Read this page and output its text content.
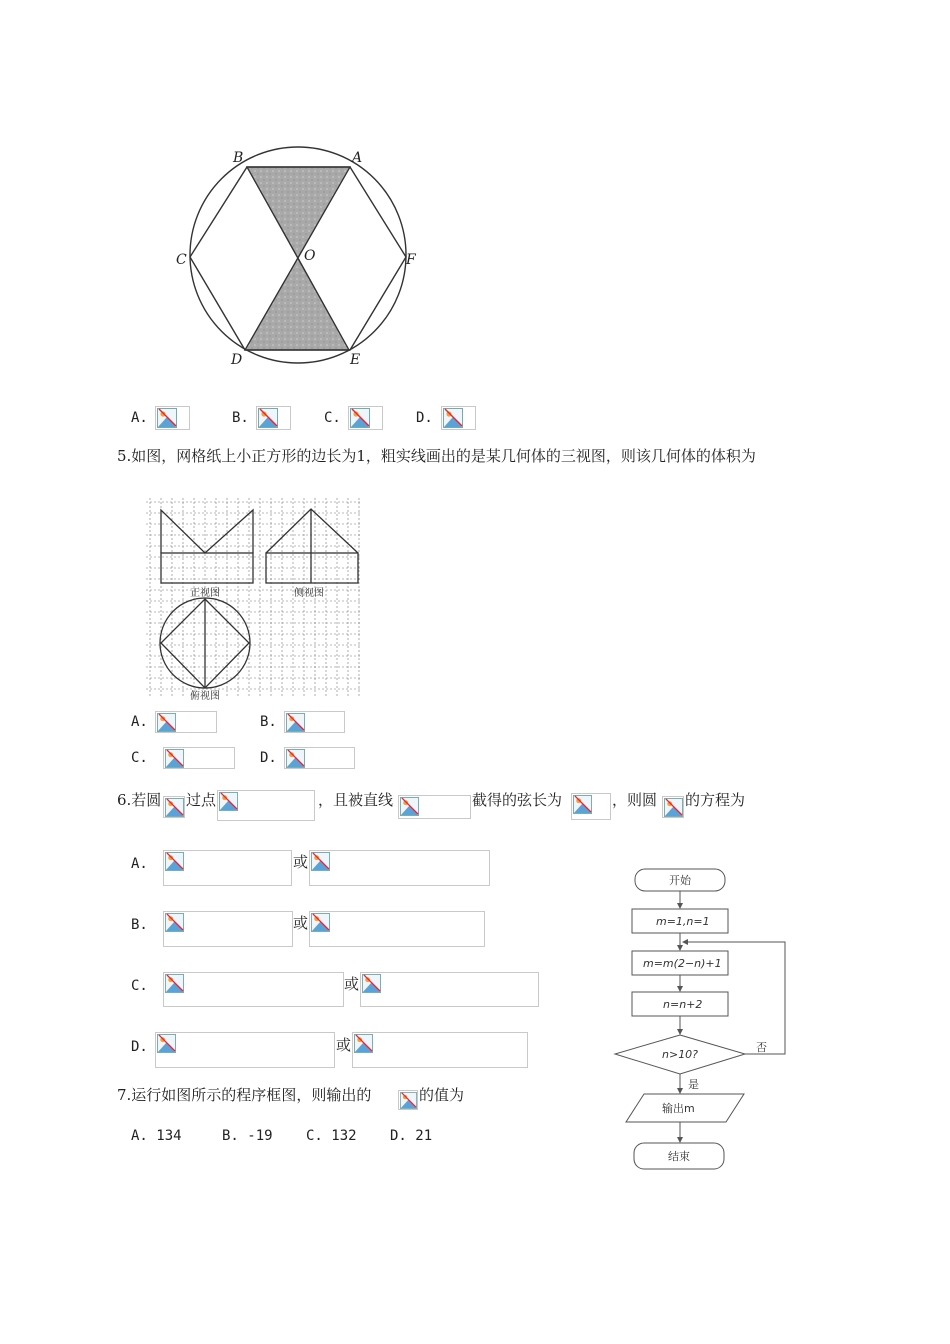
B	A
C	F
O
D	E
A.	B.	C.	D.
5.如图，网格纸上小正方形的边长为1，粗实线画出的是某几何体的三视图，则该几何体的体积为
正视图	侧视图
俯视图
A.	B.
C.	D.
6.若圆 过点	，且被直线	截得的弦长为	，则圆 的方程为
A.	或
B.	或
C.	或
D.	或
7.运行如图所示的程序框图，则输出的	的值为
A. 134	B. -19 C. 132 D. 21
开始
m=1,n=1
m=m(2−n)+1
n=n+2
n>10?
否
是
输出m
结束
